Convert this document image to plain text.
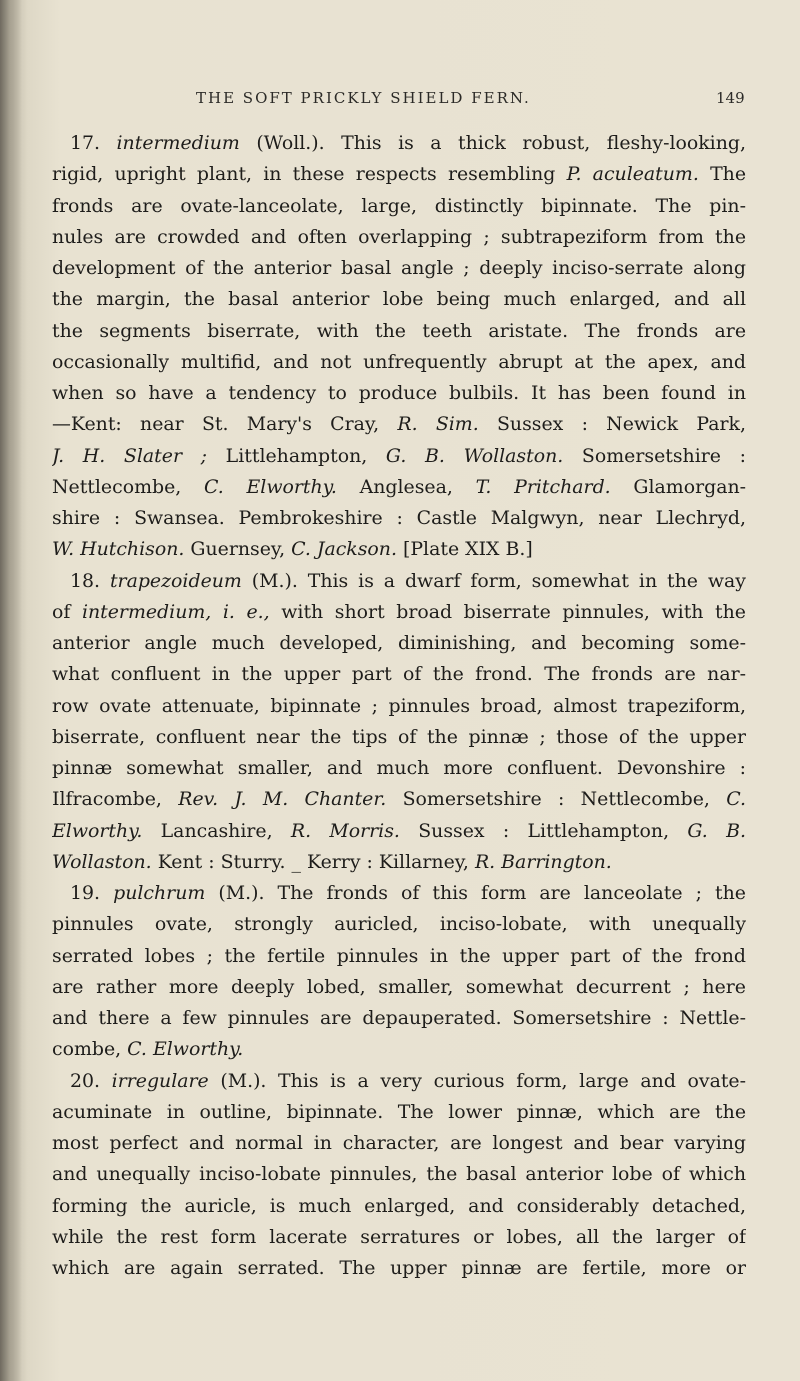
THE SOFT PRICKLY SHIELD FERN.	149
17. intermedium (Woll.). This is a thick robust, fleshy-looking,
rigid, upright plant, in these respects resembling P. aculeatum. The
fronds are ovate-lanceolate, large, distinctly bipinnate. The pin-
nules are crowded and often overlapping ; subtrapeziform from the
development of the anterior basal angle ; deeply inciso-serrate along
the margin, the basal anterior lobe being much enlarged, and all
the segments biserrate, with the teeth aristate. The fronds are
occasionally multifid, and not unfrequently abrupt at the apex, and
when so have a tendency to produce bulbils. It has been found in
—Kent: near St. Mary's Cray, R. Sim. Sussex : Newick Park,
J. H. Slater ; Littlehampton, G. B. Wollaston. Somersetshire :
Nettlecombe, C. Elworthy. Anglesea, T. Pritchard. Glamorgan-
shire : Swansea. Pembrokeshire : Castle Malgwyn, near Llechryd,
W. Hutchison. Guernsey, C. Jackson. [Plate XIX B.]
18. trapezoideum (M.). This is a dwarf form, somewhat in the way
of intermedium, i. e., with short broad biserrate pinnules, with the
anterior angle much developed, diminishing, and becoming some-
what confluent in the upper part of the frond. The fronds are nar-
row ovate attenuate, bipinnate ; pinnules broad, almost trapeziform,
biserrate, confluent near the tips of the pinnæ ; those of the upper
pinnæ somewhat smaller, and much more confluent. Devonshire :
Ilfracombe, Rev. J. M. Chanter. Somersetshire : Nettlecombe, C.
Elworthy. Lancashire, R. Morris. Sussex : Littlehampton, G. B.
Wollaston. Kent : Sturry. _ Kerry : Killarney, R. Barrington.
19. pulchrum (M.). The fronds of this form are lanceolate ; the
pinnules ovate, strongly auricled, inciso-lobate, with unequally
serrated lobes ; the fertile pinnules in the upper part of the frond
are rather more deeply lobed, smaller, somewhat decurrent ; here
and there a few pinnules are depauperated. Somersetshire : Nettle-
combe, C. Elworthy.
20. irregulare (M.). This is a very curious form, large and ovate-
acuminate in outline, bipinnate. The lower pinnæ, which are the
most perfect and normal in character, are longest and bear varying
and unequally inciso-lobate pinnules, the basal anterior lobe of which
forming the auricle, is much enlarged, and considerably detached,
while the rest form lacerate serratures or lobes, all the larger of
which are again serrated. The upper pinnæ are fertile, more or
